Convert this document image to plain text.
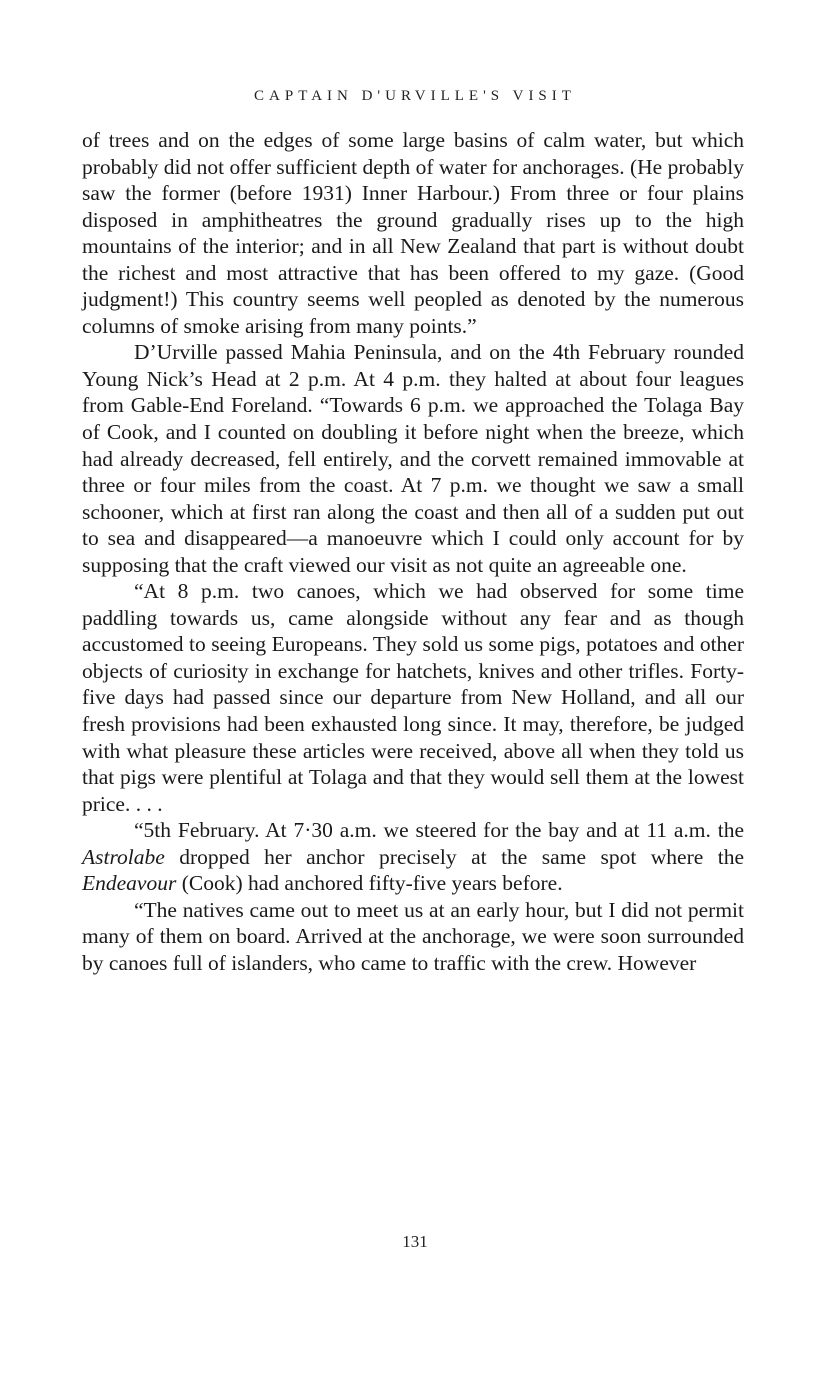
CAPTAIN D'URVILLE'S VISIT

of trees and on the edges of some large basins of calm water, but which probably did not offer sufficient depth of water for anchorages. (He probably saw the former (before 1931) Inner Harbour.) From three or four plains disposed in amphitheatres the ground gradually rises up to the high mountains of the interior; and in all New Zealand that part is without doubt the richest and most attractive that has been offered to my gaze. (Good judgment!) This country seems well peopled as denoted by the numerous columns of smoke arising from many points.”

D’Urville passed Mahia Peninsula, and on the 4th February rounded Young Nick’s Head at 2 p.m. At 4 p.m. they halted at about four leagues from Gable-End Foreland. “Towards 6 p.m. we approached the Tolaga Bay of Cook, and I counted on doubling it before night when the breeze, which had already decreased, fell entirely, and the corvett remained immovable at three or four miles from the coast. At 7 p.m. we thought we saw a small schooner, which at first ran along the coast and then all of a sudden put out to sea and disappeared—a manoeuvre which I could only account for by supposing that the craft viewed our visit as not quite an agreeable one.

“At 8 p.m. two canoes, which we had observed for some time paddling towards us, came alongside without any fear and as though accustomed to seeing Europeans. They sold us some pigs, potatoes and other objects of curiosity in exchange for hatchets, knives and other trifles. Forty-five days had passed since our departure from New Holland, and all our fresh provisions had been exhausted long since. It may, therefore, be judged with what pleasure these articles were received, above all when they told us that pigs were plentiful at Tolaga and that they would sell them at the lowest price. . . .

“5th February. At 7·30 a.m. we steered for the bay and at 11 a.m. the Astrolabe dropped her anchor precisely at the same spot where the Endeavour (Cook) had anchored fifty-five years before.

“The natives came out to meet us at an early hour, but I did not permit many of them on board. Arrived at the anchorage, we were soon surrounded by canoes full of islanders, who came to traffic with the crew. However

131
